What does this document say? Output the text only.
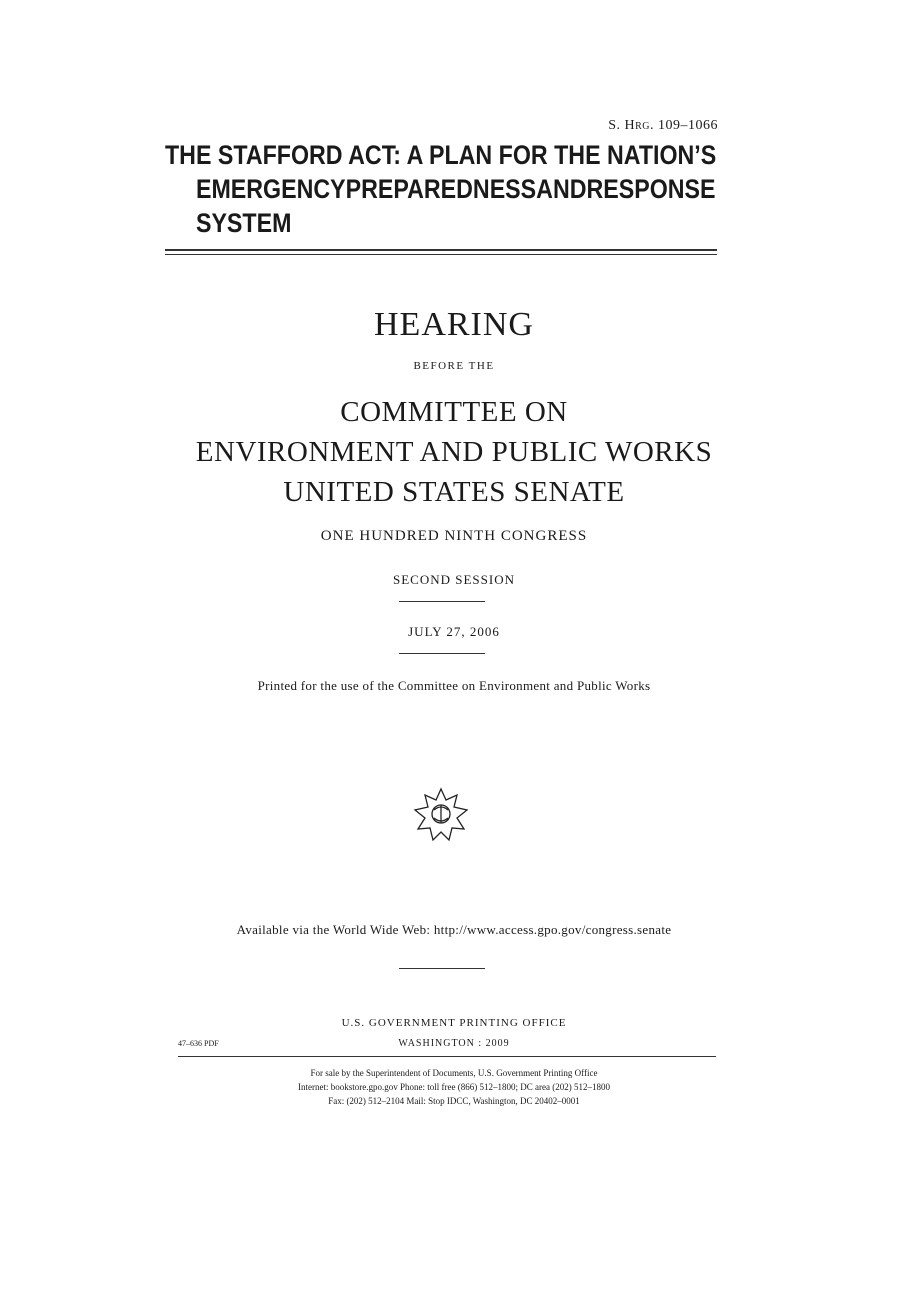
S. Hrg. 109–1066
THE STAFFORD ACT: A PLAN FOR THE NATION’S
EMERGENCY PREPAREDNESS AND RESPONSE
SYSTEM
HEARING
BEFORE THE
COMMITTEE ON
ENVIRONMENT AND PUBLIC WORKS
UNITED STATES SENATE
ONE HUNDRED NINTH CONGRESS
SECOND SESSION
JULY 27, 2006
Printed for the use of the Committee on Environment and Public Works
Available via the World Wide Web: http://www.access.gpo.gov/congress.senate
U.S. GOVERNMENT PRINTING OFFICE
47–636 PDF	WASHINGTON : 2009
For sale by the Superintendent of Documents, U.S. Government Printing Office
Internet: bookstore.gpo.gov Phone: toll free (866) 512–1800; DC area (202) 512–1800
Fax: (202) 512–2104 Mail: Stop IDCC, Washington, DC 20402–0001
